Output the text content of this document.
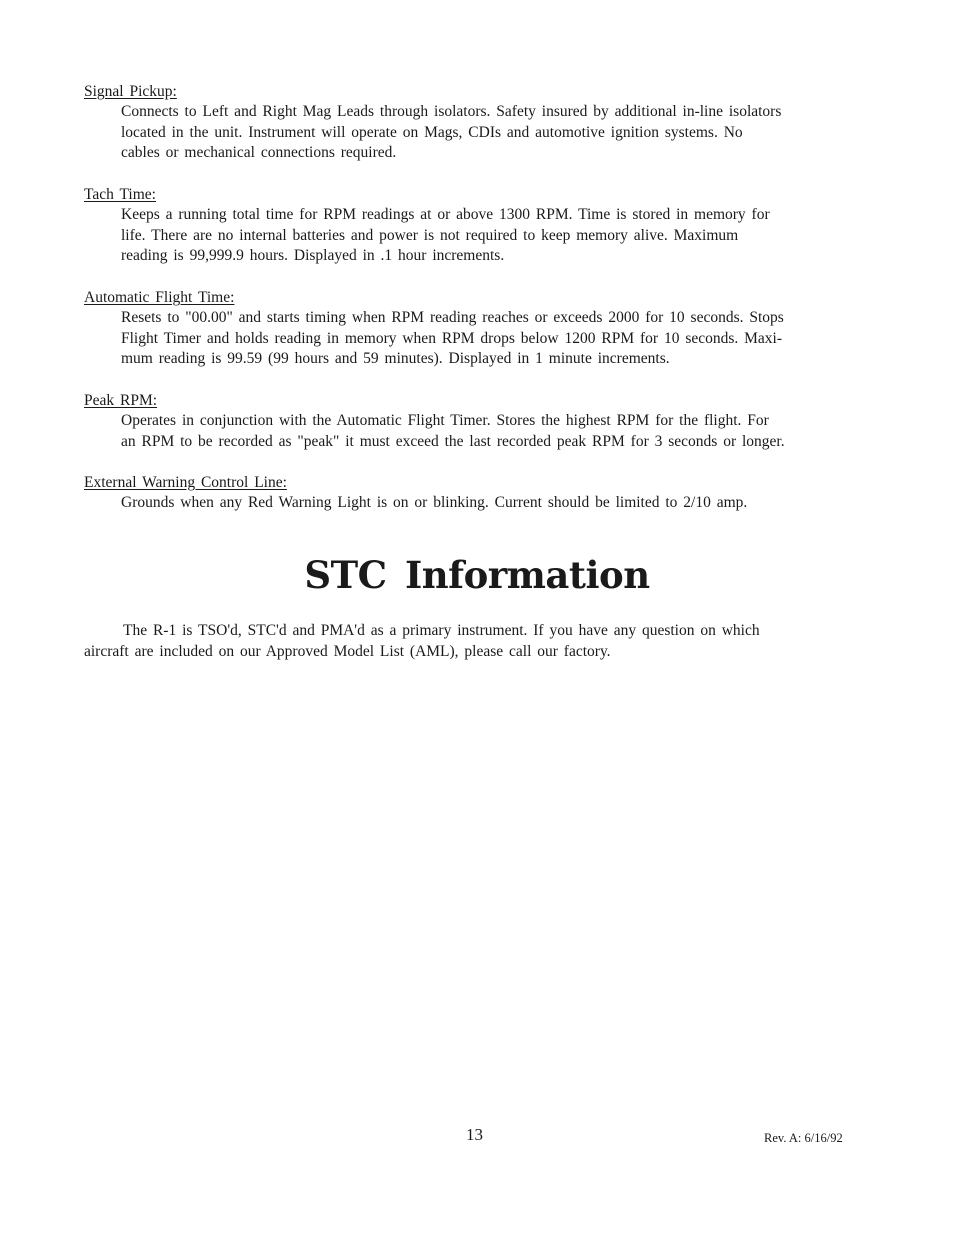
Signal Pickup:
Connects to Left and Right Mag Leads through isolators. Safety insured by additional in-line isolators
located in the unit. Instrument will operate on Mags, CDIs and automotive ignition systems. No
cables or mechanical connections required.
Tach Time:
Keeps a running total time for RPM readings at or above 1300 RPM. Time is stored in memory for
life. There are no internal batteries and power is not required to keep memory alive. Maximum
reading is 99,999.9 hours. Displayed in .1 hour increments.
Automatic Flight Time:
Resets to "00.00" and starts timing when RPM reading reaches or exceeds 2000 for 10 seconds. Stops
Flight Timer and holds reading in memory when RPM drops below 1200 RPM for 10 seconds. Maxi-
mum reading is 99.59 (99 hours and 59 minutes). Displayed in 1 minute increments.
Peak RPM:
Operates in conjunction with the Automatic Flight Timer. Stores the highest RPM for the flight. For
an RPM to be recorded as "peak" it must exceed the last recorded peak RPM for 3 seconds or longer.
External Warning Control Line:
Grounds when any Red Warning Light is on or blinking. Current should be limited to 2/10 amp.
STC Information
The R-1 is TSO'd, STC'd and PMA'd as a primary instrument. If you have any question on which
aircraft are included on our Approved Model List (AML), please call our factory.
13	Rev. A: 6/16/92
